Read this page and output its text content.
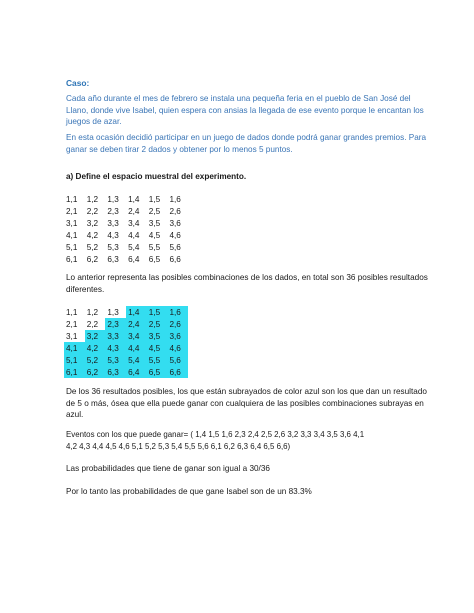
Caso:
Cada año durante el mes de febrero se instala una pequeña feria en el pueblo de San José del
Llano, donde vive Isabel, quien espera con ansias la llegada de ese evento porque le encantan los
juegos de azar.
En esta ocasión decidió participar en un juego de dados donde podrá ganar grandes premios. Para
ganar se deben tirar 2 dados y obtener por lo menos 5 puntos.
a) Define el espacio muestral del experimento.
1,1	1,2	1,3	1,4	1,5	1,6
2,1	2,2	2,3	2,4	2,5	2,6
3,1	3,2	3,3	3,4	3,5	3,6
4,1	4,2	4,3	4,4	4,5	4,6
5,1	5,2	5,3	5,4	5,5	5,6
6,1	6,2	6,3	6,4	6,5	6,6
Lo anterior representa las posibles combinaciones de los dados, en total son 36 posibles resultados
diferentes.
1,1	1,2	1,3	1,4	1,5	1,6
2,1	2,2	2,3	2,4	2,5	2,6
3,1	3,2	3,3	3,4	3,5	3,6
4,1	4,2	4,3	4,4	4,5	4,6
5,1	5,2	5,3	5,4	5,5	5,6
6,1	6,2	6,3	6,4	6,5	6,6
De los 36 resultados posibles, los que están subrayados de color azul son los que dan un resultado
de 5 o más, ósea que ella puede ganar con cualquiera de las posibles combinaciones subrayas en
azul.
Eventos con los que puede ganar= ( 1,4 1,5 1,6 2,3 2,4 2,5 2,6 3,2 3,3 3,4 3,5 3,6 4,1
4,2 4,3 4,4 4,5 4,6 5,1 5,2 5,3 5,4 5,5 5,6 6,1 6,2 6,3 6,4 6,5 6,6)
Las probabilidades que tiene de ganar son igual a 30/36
Por lo tanto las probabilidades de que gane Isabel son de un 83.3%
